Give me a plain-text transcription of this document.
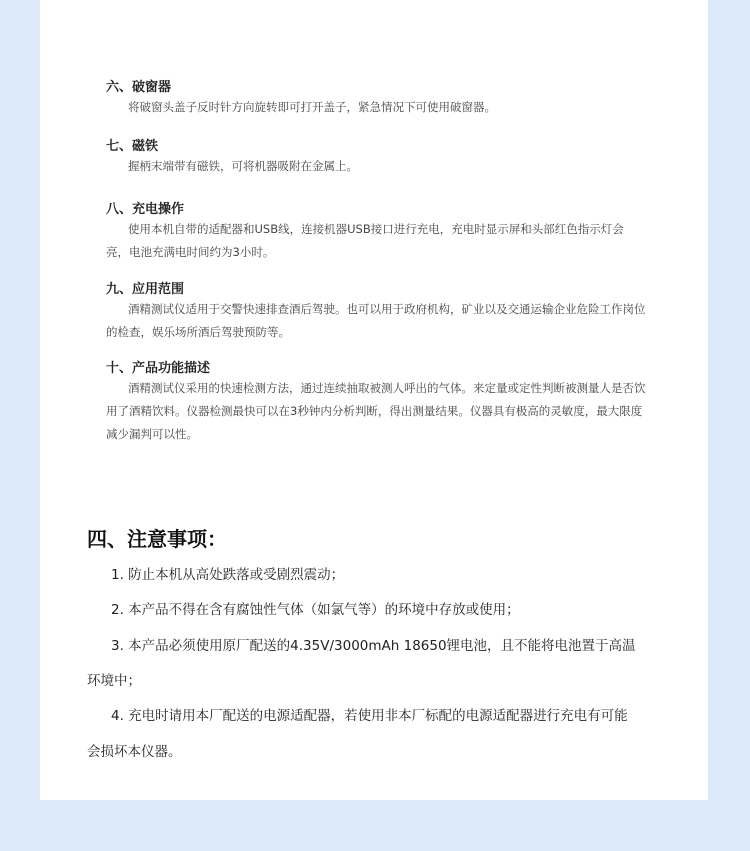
六、破窗器
将破窗头盖子反时针方向旋转即可打开盖子，紧急情况下可使用破窗器。
七、磁铁
握柄末端带有磁铁，可将机器吸附在金属上。
八、充电操作
使用本机自带的适配器和USB线，连接机器USB接口进行充电，充电时显示屏和头部红色指示灯会亮，电池充满电时间约为3小时。
九、应用范围
酒精测试仪适用于交警快速排查酒后驾驶。也可以用于政府机构，矿业以及交通运输企业危险工作岗位的检查，娱乐场所酒后驾驶预防等。
十、产品功能描述
酒精测试仪采用的快速检测方法，通过连续抽取被测人呼出的气体。来定量或定性判断被测量人是否饮用了酒精饮料。仪器检测最快可以在3秒钟内分析判断，得出测量结果。仪器具有极高的灵敏度，最大限度减少漏判可以性。
四、注意事项：
1. 防止本机从高处跌落或受剧烈震动；
2. 本产品不得在含有腐蚀性气体（如氯气等）的环境中存放或使用；
3. 本产品必须使用原厂配送的4.35V/3000mAh 18650锂电池，且不能将电池置于高温
环境中；
4. 充电时请用本厂配送的电源适配器，若使用非本厂标配的电源适配器进行充电有可能
会损坏本仪器。
